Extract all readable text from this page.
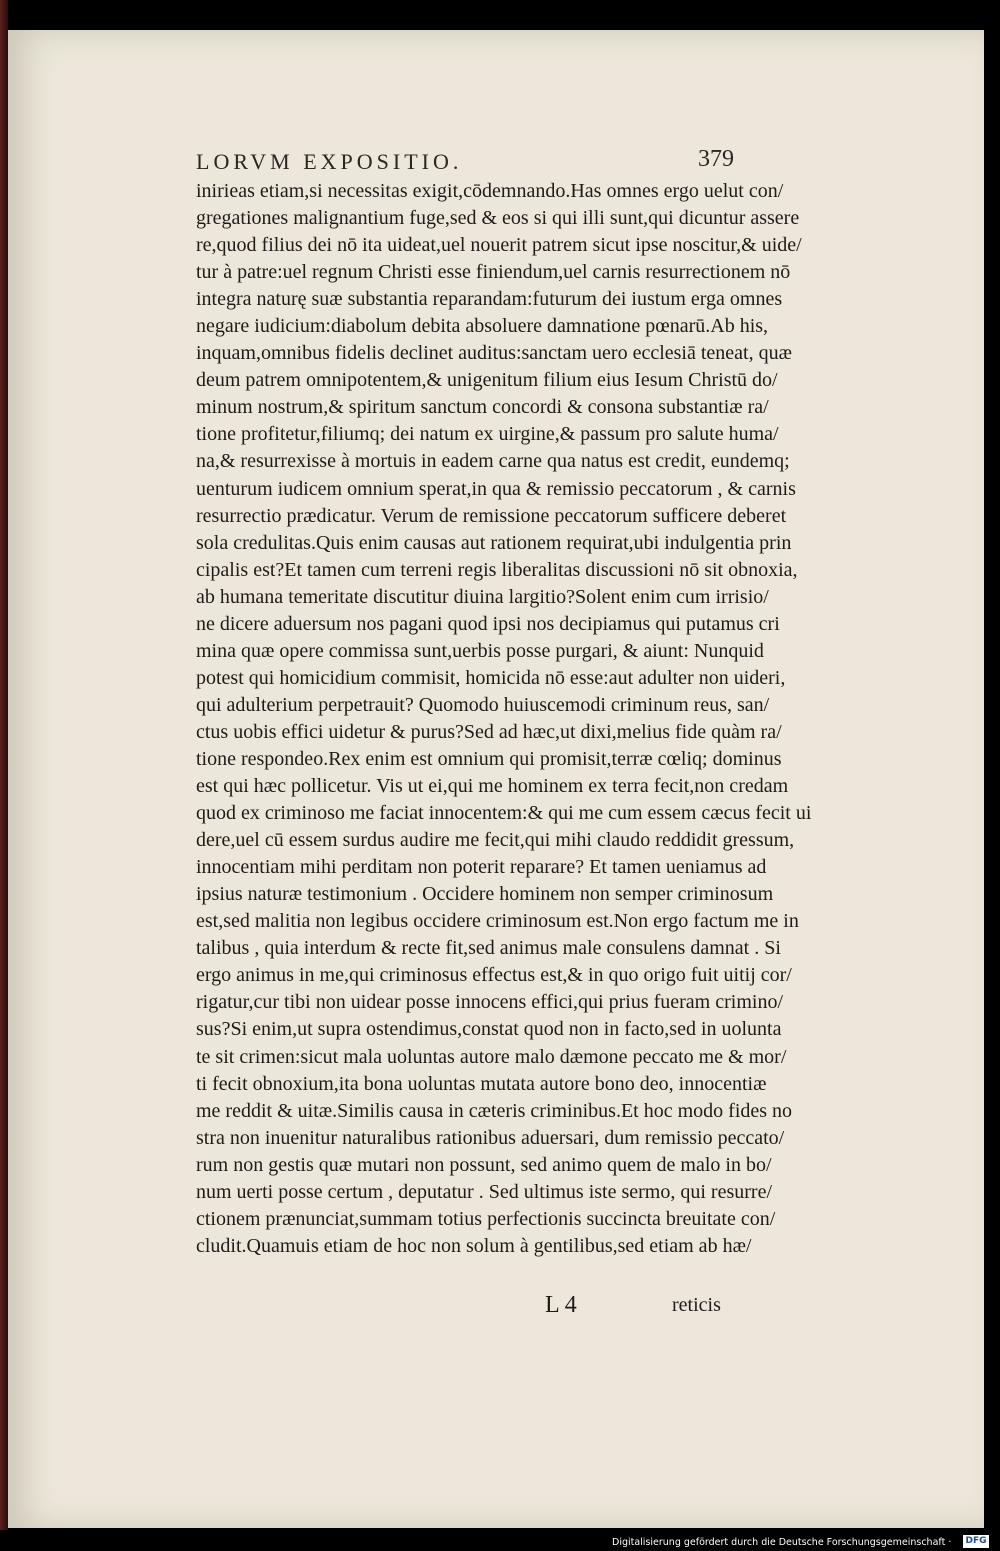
LORVM EXPOSITIO.	379
inirieas etiam,si necessitas exigit,cōdemnando.Has omnes ergo uelut con/
gregationes malignantium fuge,sed & eos si qui illi sunt,qui dicuntur assere
re,quod filius dei nō ita uideat,uel nouerit patrem sicut ipse noscitur,& uide/
tur à patre:uel regnum Christi esse finiendum,uel carnis resurrectionem nō
integra naturę suæ substantia reparandam:futurum dei iustum erga omnes
negare iudicium:diabolum debita absoluere damnatione pœnarū.Ab his,
inquam,omnibus fidelis declinet auditus:sanctam uero ecclesiā teneat, quæ
deum patrem omnipotentem,& unigenitum filium eius Iesum Christū do/
minum nostrum,& spiritum sanctum concordi & consona substantiæ ra/
tione profitetur,filiumq; dei natum ex uirgine,& passum pro salute huma/
na,& resurrexisse à mortuis in eadem carne qua natus est credit, eundemq;
uenturum iudicem omnium sperat,in qua & remissio peccatorum , & carnis
resurrectio prædicatur. Verum de remissione peccatorum sufficere deberet
sola credulitas.Quis enim causas aut rationem requirat,ubi indulgentia prin
cipalis est?Et tamen cum terreni regis liberalitas discussioni nō sit obnoxia,
ab humana temeritate discutitur diuina largitio?Solent enim cum irrisio/
ne dicere aduersum nos pagani quod ipsi nos decipiamus qui putamus cri
mina quæ opere commissa sunt,uerbis posse purgari, & aiunt: Nunquid
potest qui homicidium commisit, homicida nō esse:aut adulter non uideri,
qui adulterium perpetrauit? Quomodo huiuscemodi criminum reus, san/
ctus uobis effici uidetur & purus?Sed ad hæc,ut dixi,melius fide quàm ra/
tione respondeo.Rex enim est omnium qui promisit,terræ cœliq; dominus
est qui hæc pollicetur. Vis ut ei,qui me hominem ex terra fecit,non credam
quod ex criminoso me faciat innocentem:& qui me cum essem cæcus fecit ui
dere,uel cū essem surdus audire me fecit,qui mihi claudo reddidit gressum,
innocentiam mihi perditam non poterit reparare? Et tamen ueniamus ad
ipsius naturæ testimonium . Occidere hominem non semper criminosum
est,sed malitia non legibus occidere criminosum est.Non ergo factum me in
talibus , quia interdum & recte fit,sed animus male consulens damnat . Si
ergo animus in me,qui criminosus effectus est,& in quo origo fuit uitij cor/
rigatur,cur tibi non uidear posse innocens effici,qui prius fueram crimino/
sus?Si enim,ut supra ostendimus,constat quod non in facto,sed in uolunta
te sit crimen:sicut mala uoluntas autore malo dæmone peccato me & mor/
ti fecit obnoxium,ita bona uoluntas mutata autore bono deo, innocentiæ
me reddit & uitæ.Similis causa in cæteris criminibus.Et hoc modo fides no
stra non inuenitur naturalibus rationibus aduersari, dum remissio peccato/
rum non gestis quæ mutari non possunt, sed animo quem de malo in bo/
num uerti posse certum , deputatur . Sed ultimus iste sermo, qui resurre/
ctionem prænunciat,summam totius perfectionis succincta breuitate con/
cludit.Quamuis etiam de hoc non solum à gentilibus,sed etiam ab hæ/
L 4	reticis
Digitalisierung gefördert durch die Deutsche Forschungsgemeinschaft · DFG
